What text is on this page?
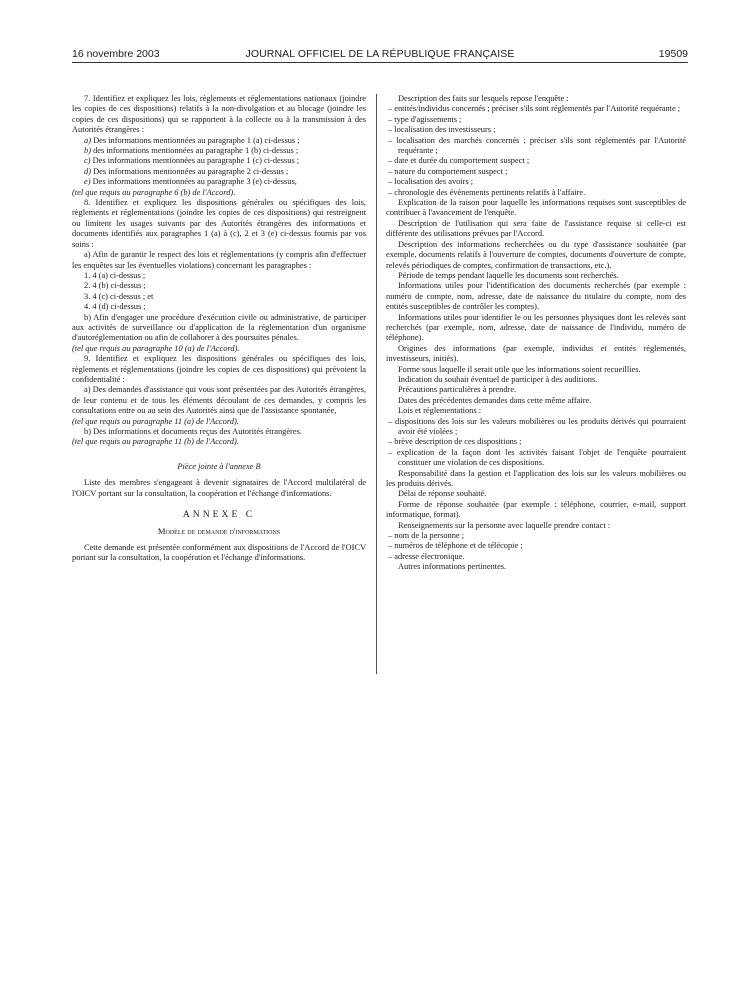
16 novembre 2003	JOURNAL OFFICIEL DE LA RÉPUBLIQUE FRANÇAISE	19509

7. Identifiez et expliquez les lois, règlements et réglementations nationaux (joindre les copies de ces dispositions) relatifs à la non-divulgation et au blocage (joindre les copies de ces dispositions) qui se rapportent à la collecte ou à la transmission à des Autorités étrangères :

a) Des informations mentionnées au paragraphe 1 (a) ci-dessus ;

b) des informations mentionnées au paragraphe 1 (b) ci-dessus ;

c) Des informations mentionnées au paragraphe 1 (c) ci-dessus ;

d) Des informations mentionnées au paragraphe 2 ci-dessus ;

e) Des informations mentionnées au paragraphe 3 (e) ci-dessus,

(tel que requis au paragraphe 6 (b) de l'Accord).

8. Identifiez et expliquez les dispositions générales ou spécifiques des lois, règlements et réglementations (joindre les copies de ces dispositions) qui restreignent ou limitent les usages suivants par des Autorités étrangères des informations et documents identifiés aux paragraphes 1 (a) à (c), 2 et 3 (e) ci-dessus fournis par vos soins :

a) Afin de garantir le respect des lois et réglementations (y compris afin d'effectuer les enquêtes sur les éventuelles violations) concernant les paragraphes :

1. 4 (a) ci-dessus ;

2. 4 (b) ci-dessus ;

3. 4 (c) ci-dessus ; et

4. 4 (d) ci-dessus ;

b) Afin d'engager une procédure d'exécution civile ou administrative, de participer aux activités de surveillance ou d'application de la réglementation d'un organisme d'autoréglementation ou afin de collaborer à des poursuites pénales.

(tel que requis au paragraphe 10 (a) de l'Accord).

9. Identifiez et expliquez les dispositions générales ou spécifiques des lois, règlements et réglementations (joindre les copies de ces dispositions) qui prévoient la confidentialité :

a) Des demandes d'assistance qui vous sont présentées par des Autorités étrangères, de leur contenu et de tous les éléments découlant de ces demandes, y compris les consultations entre ou au sein des Autorités ainsi que de l'assistance spontanée,

(tel que requis au paragraphe 11 (a) de l'Accord).

b) Des informations et documents reçus des Autorités étrangères.

(tel que requis au paragraphe 11 (b) de l'Accord).

Pièce jointe à l'annexe B

Liste des membres s'engageant à devenir signataires de l'Accord multilatéral de l'OICV portant sur la consultation, la coopération et l'échange d'informations.

ANNEXE C

Modèle de demande d'informations

Cette demande est présentée conformément aux dispositions de l'Accord de l'OICV portant sur la consultation, la coopération et l'échange d'informations.

Description des faits sur lesquels repose l'enquête :

– entités/individus concernés ; préciser s'ils sont réglementés par l'Autorité requérante ;
– type d'agissements ;
– localisation des investisseurs ;
– localisation des marchés concernés ; préciser s'ils sont réglementés par l'Autorité requérante ;
– date et durée du comportement suspect ;
– nature du comportement suspect ;
– localisation des avoirs ;
– chronologie des événements pertinents relatifs à l'affaire.

Explication de la raison pour laquelle les informations requises sont susceptibles de contribuer à l'avancement de l'enquête.

Description de l'utilisation qui sera faite de l'assistance requise si celle-ci est différente des utilisations prévues par l'Accord.

Description des informations recherchées ou du type d'assistance souhaitée (par exemple, documents relatifs à l'ouverture de comptes, documents d'ouverture de compte, relevés périodiques de comptes, confirmation de transactions, etc.).

Période de temps pendant laquelle les documents sont recherchés.

Informations utiles pour l'identification des documents recherchés (par exemple : numéro de compte, nom, adresse, date de naissance du titulaire du compte, nom des entités susceptibles de contrôler les comptes).

Informations utiles pour identifier le ou les personnes physiques dont les relevés sont recherchés (par exemple, nom, adresse, date de naissance de l'individu, numéro de téléphone).

Origines des informations (par exemple, individus et entités réglementés, investisseurs, initiés).

Forme sous laquelle il serait utile que les informations soient recueillies.

Indication du souhait éventuel de participer à des auditions.

Précautions particulières à prendre.

Dates des précédentes demandes dans cette même affaire.

Lois et réglementations :

– dispositions des lois sur les valeurs mobilières ou les produits dérivés qui pourraient avoir été violées ;
– brève description de ces dispositions ;
– explication de la façon dont les activités faisant l'objet de l'enquête pourraient constituer une violation de ces dispositions.

Responsabilité dans la gestion et l'application des lois sur les valeurs mobilières ou les produits dérivés.

Délai de réponse souhaité.

Forme de réponse souhaitée (par exemple : téléphone, courrier, e-mail, support informatique, format).

Renseignements sur la personne avec laquelle prendre contact :

– nom de la personne ;
– numéros de téléphone et de télécopie ;
– adresse électronique.

Autres informations pertinentes.
